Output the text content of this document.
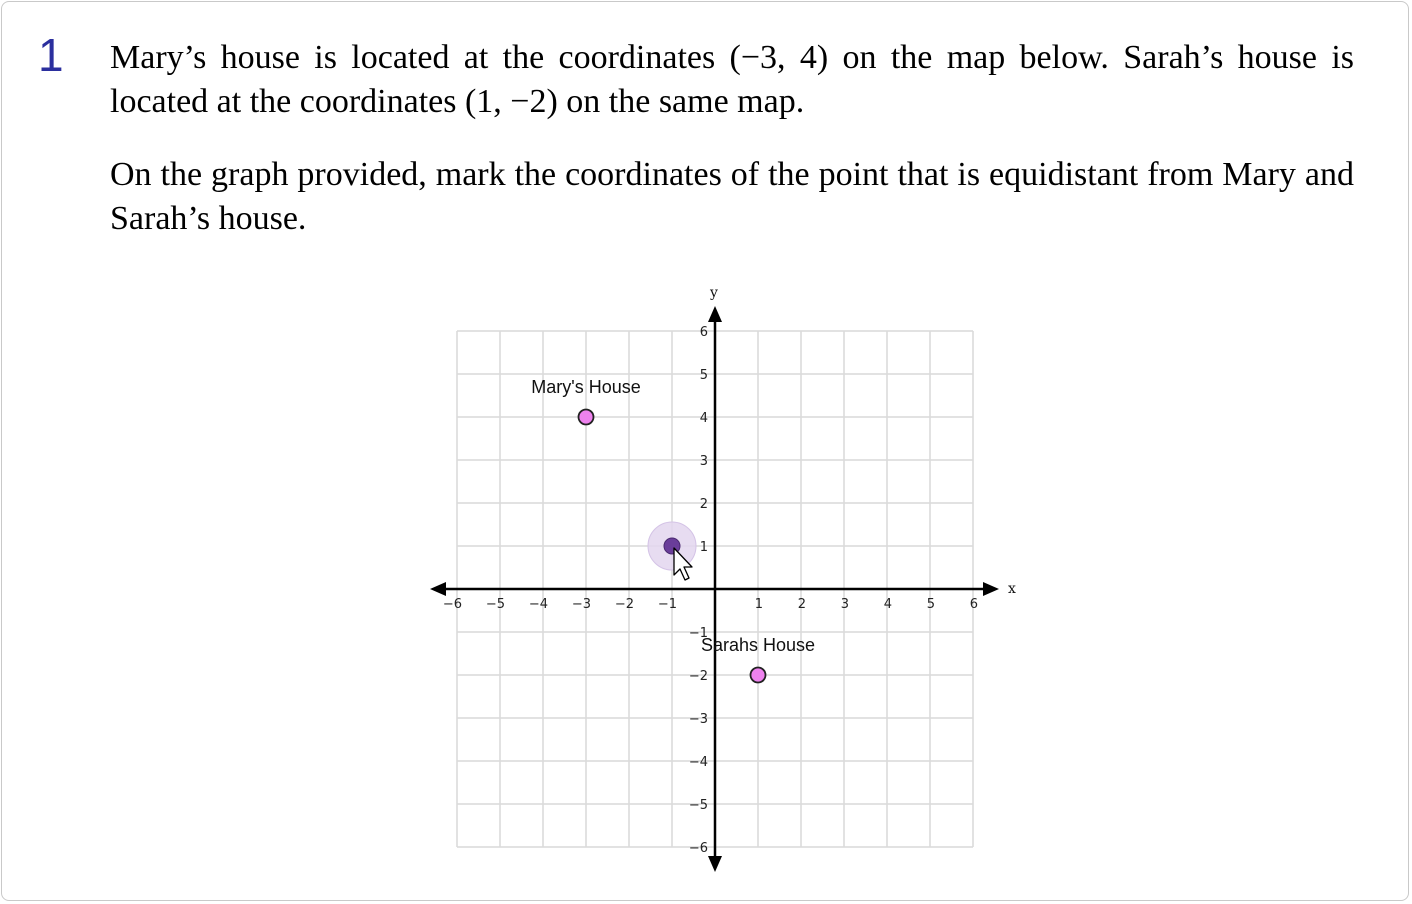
1 Mary’s house is located at the coordinates (−3, 4) on the map below. Sarah’s house is located at the coordinates (1, −2) on the same map.

On the graph provided, mark the coordinates of the point that is equidistant from Mary and Sarah’s house.

x
y
−6 −5 −4 −3 −2 −1	1	2	3	4	5	6
6
5
4
3
2
1
−1
−2
−3
−4
−5
−6
Mary's House
Sarahs House
